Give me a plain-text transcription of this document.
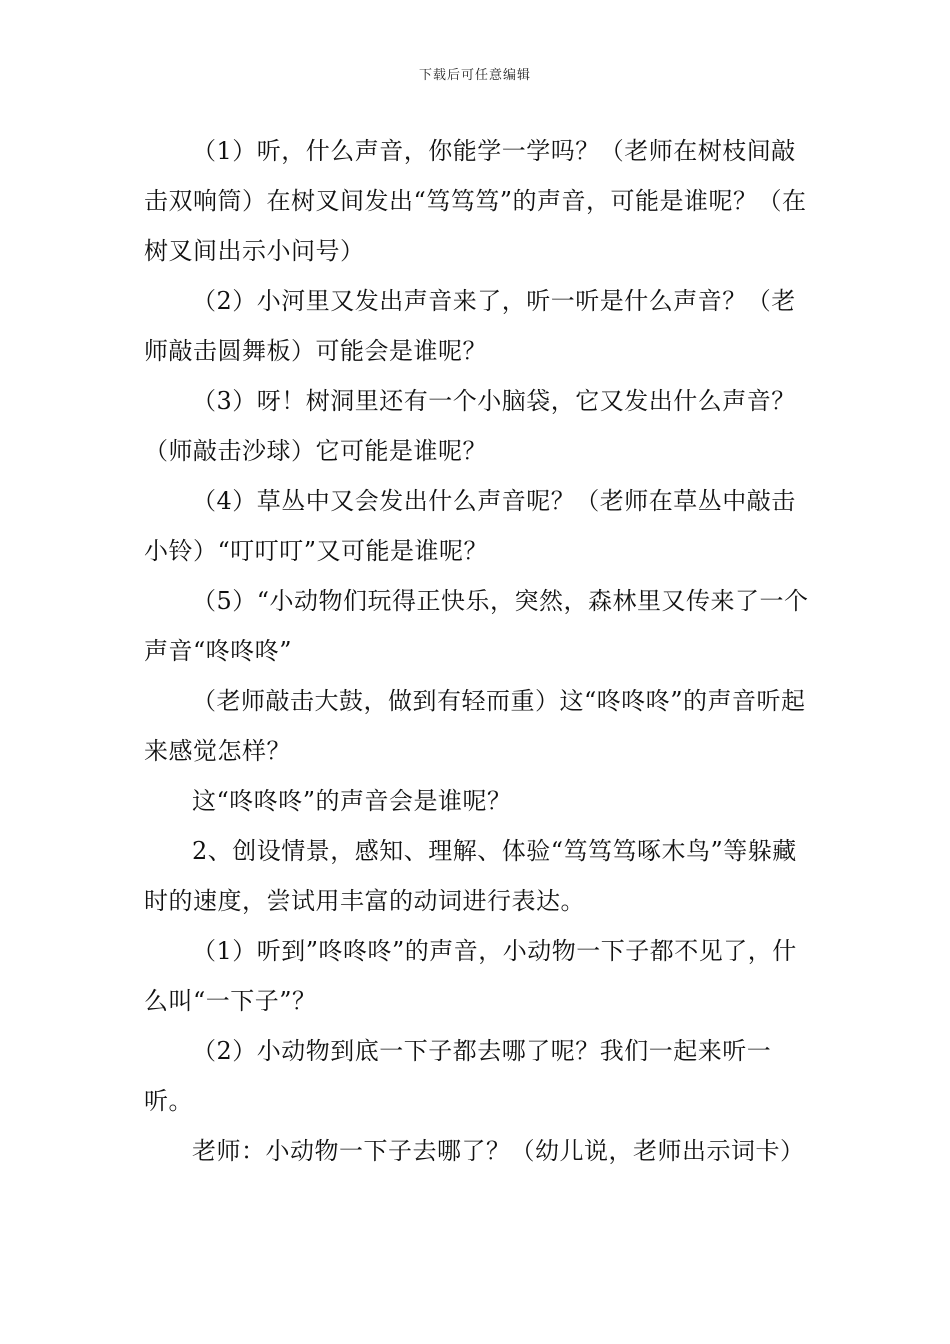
下载后可任意编辑

（1）听，什么声音，你能学一学吗？（老师在树枝间敲击双响筒）在树叉间发出“笃笃笃”的声音，可能是谁呢？（在树叉间出示小问号）

（2）小河里又发出声音来了，听一听是什么声音？（老师敲击圆舞板）可能会是谁呢？

（3）呀！树洞里还有一个小脑袋，它又发出什么声音？（师敲击沙球）它可能是谁呢？

（4）草丛中又会发出什么声音呢？（老师在草丛中敲击小铃）“叮叮叮”又可能是谁呢？

（5）“小动物们玩得正快乐，突然，森林里又传来了一个声音“咚咚咚”

（老师敲击大鼓，做到有轻而重）这“咚咚咚”的声音听起来感觉怎样？

这“咚咚咚”的声音会是谁呢？

2、创设情景，感知、理解、体验“笃笃笃啄木鸟”等躲藏时的速度，尝试用丰富的动词进行表达。

（1）听到”咚咚咚”的声音，小动物一下子都不见了，什么叫“一下子”？

（2）小动物到底一下子都去哪了呢？我们一起来听一听。

老师：小动物一下子去哪了？（幼儿说，老师出示词卡）
